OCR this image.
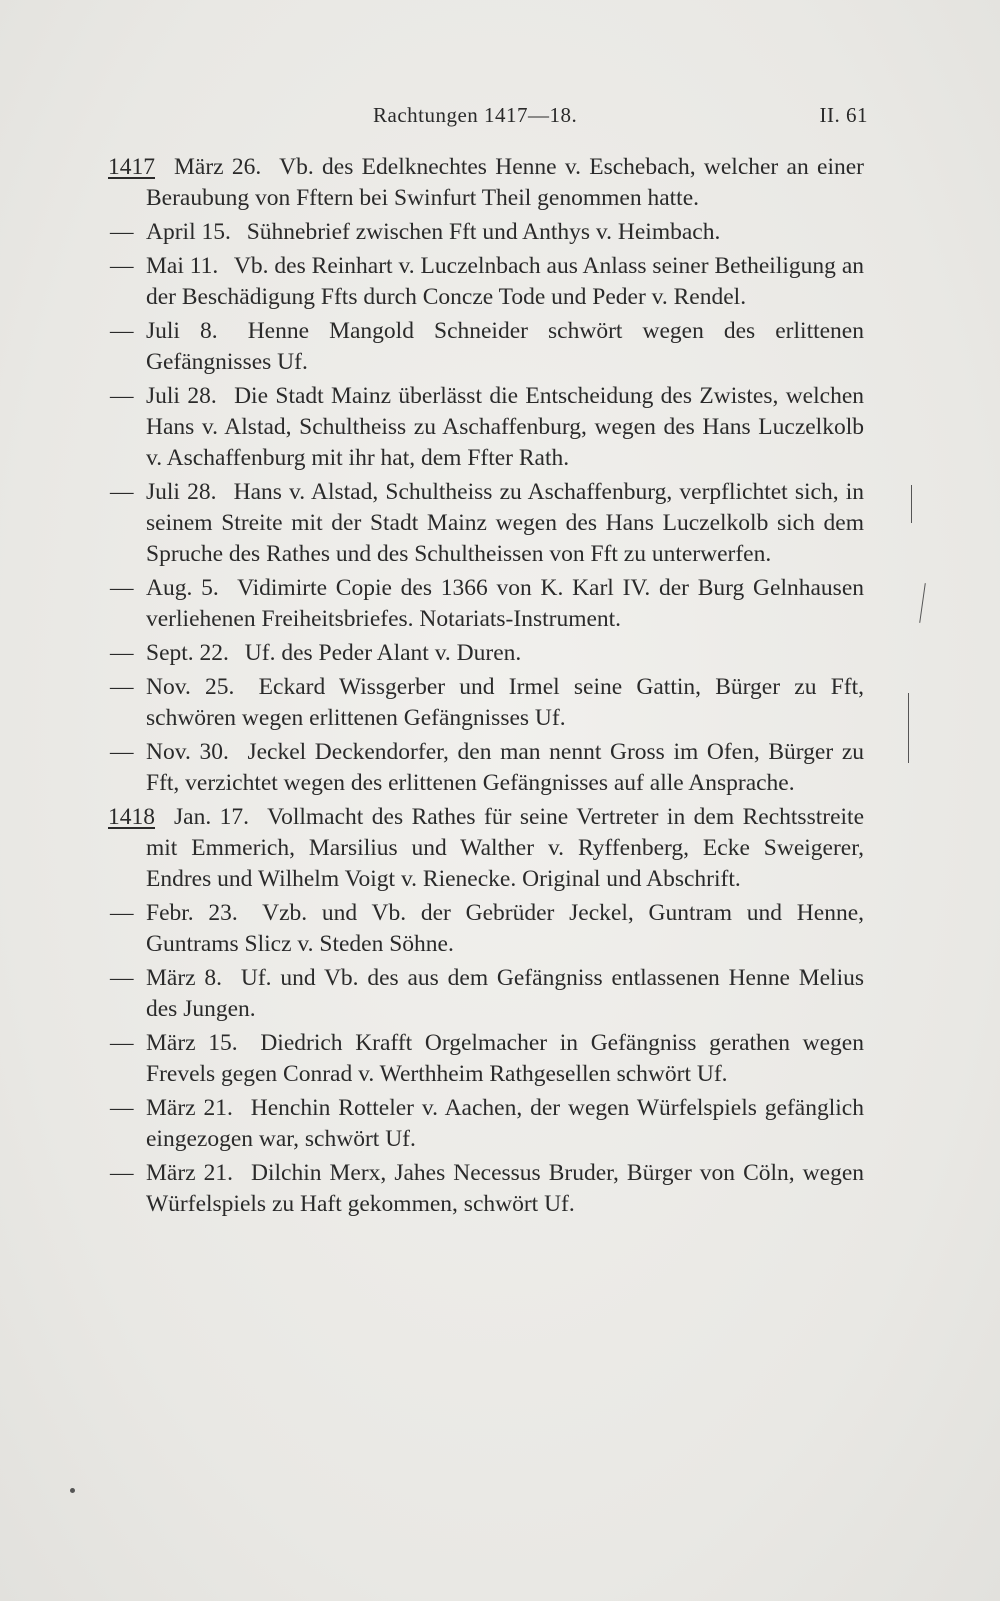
Rachtungen 1417—18.	II. 61
1417 März 26. Vb. des Edelknechtes Henne v. Eschebach, welcher an einer Beraubung von Fftern bei Swinfurt Theil genommen hatte.
— April 15. Sühnebrief zwischen Fft und Anthys v. Heimbach.
— Mai 11. Vb. des Reinhart v. Luczelnbach aus Anlass seiner Betheiligung an der Beschädigung Ffts durch Concze Tode und Peder v. Rendel.
— Juli 8. Henne Mangold Schneider schwört wegen des erlittenen Gefängnisses Uf.
— Juli 28. Die Stadt Mainz überlässt die Entscheidung des Zwistes, welchen Hans v. Alstad, Schultheiss zu Aschaffenburg, wegen des Hans Luczelkolb v. Aschaffenburg mit ihr hat, dem Ffter Rath.
— Juli 28. Hans v. Alstad, Schultheiss zu Aschaffenburg, verpflichtet sich, in seinem Streite mit der Stadt Mainz wegen des Hans Luczelkolb sich dem Spruche des Rathes und des Schultheissen von Fft zu unterwerfen.
— Aug. 5. Vidimirte Copie des 1366 von K. Karl IV. der Burg Gelnhausen verliehenen Freiheitsbriefes. Notariats-Instrument.
— Sept. 22. Uf. des Peder Alant v. Duren.
— Nov. 25. Eckard Wissgerber und Irmel seine Gattin, Bürger zu Fft, schwören wegen erlittenen Gefängnisses Uf.
— Nov. 30. Jeckel Deckendorfer, den man nennt Gross im Ofen, Bürger zu Fft, verzichtet wegen des erlittenen Gefängnisses auf alle Ansprache.
1418 Jan. 17. Vollmacht des Rathes für seine Vertreter in dem Rechtsstreite mit Emmerich, Marsilius und Walther v. Ryffenberg, Ecke Sweigerer, Endres und Wilhelm Voigt v. Rienecke. Original und Abschrift.
— Febr. 23. Vzb. und Vb. der Gebrüder Jeckel, Guntram und Henne, Guntrams Slicz v. Steden Söhne.
— März 8. Uf. und Vb. des aus dem Gefängniss entlassenen Henne Melius des Jungen.
— März 15. Diedrich Krafft Orgelmacher in Gefängniss gerathen wegen Frevels gegen Conrad v. Werthheim Rathgesellen schwört Uf.
— März 21. Henchin Rotteler v. Aachen, der wegen Würfelspiels gefänglich eingezogen war, schwört Uf.
— März 21. Dilchin Merx, Jahes Necessus Bruder, Bürger von Cöln, wegen Würfelspiels zu Haft gekommen, schwört Uf.
